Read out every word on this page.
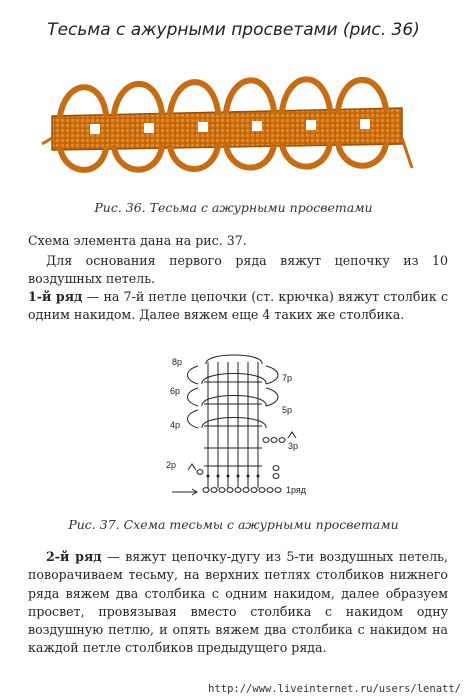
Тесьма с ажурными просветами (рис. 36)
Рис. 36. Тесьма с ажурными просветами
Схема элемента дана на рис. 37.
Для основания первого ряда вяжут цепочку из 10 воздушных петель.
1-й ряд — на 7-й петле цепочки (ст. крючка) вяжут столбик с одним накидом. Далее вяжем еще 4 таких же столбика.
8р
7р
6р
5р
4р
3р
2р
1ряд
Рис. 37. Схема тесьмы с ажурными просветами
2-й ряд — вяжут цепочку-дугу из 5-ти воздушных петель, поворачиваем тесьму, на верхних петлях столбиков нижнего ряда вяжем два столбика с одним накидом, далее образуем просвет, провязывая вместо столбика с накидом одну воздушную петлю, и опять вяжем два столбика с накидом на каждой петле столбиков предыдущего ряда.
http://www.liveinternet.ru/users/lenatt/
